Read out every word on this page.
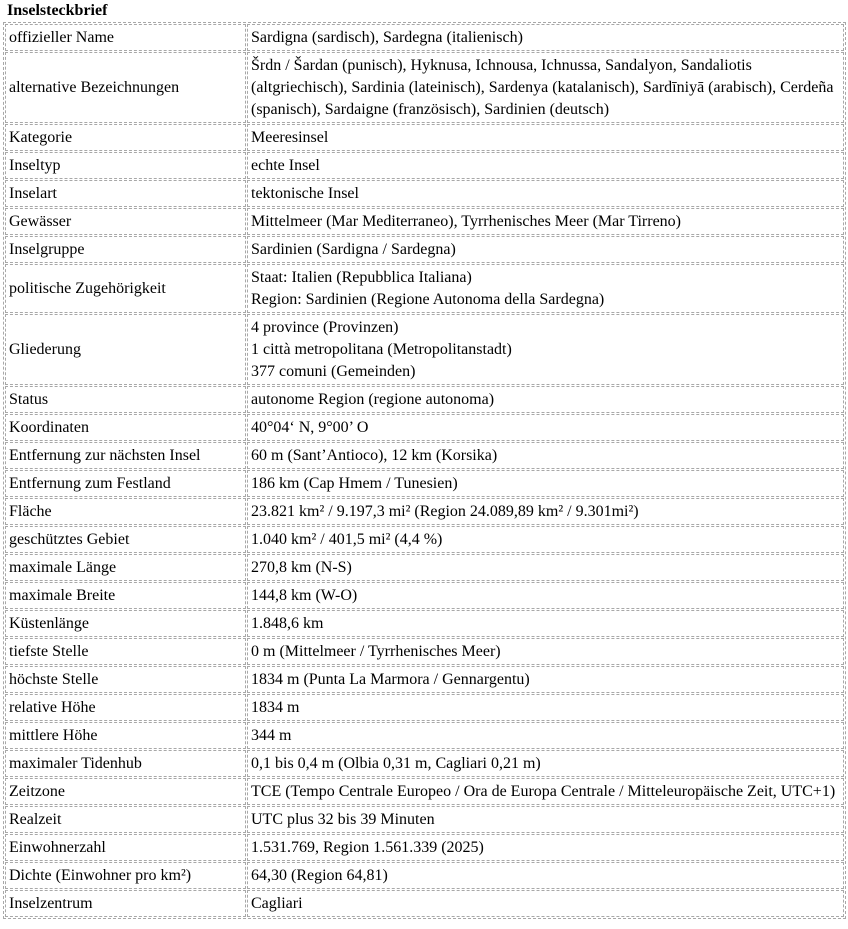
Inselsteckbrief
offizieller Name	Sardigna (sardisch), Sardegna (italienisch)

alternative Bezeichnungen	Šrdn / Šardan (punisch), Hyknusa, Ichnousa, Ichnussa, Sandalyon, Sandaliotis (altgriechisch), Sardinia (lateinisch), Sardenya (katalanisch), Sardīniyā (arabisch), Cerdeña (spanisch), Sardaigne (französisch), Sardinien (deutsch)

Kategorie	Meeresinsel

Inseltyp	echte Insel

Inselart	tektonische Insel

Gewässer	Mittelmeer (Mar Mediterraneo), Tyrrhenisches Meer (Mar Tirreno)

Inselgruppe	Sardinien (Sardigna / Sardegna)

politische Zugehörigkeit	Staat: Italien (Repubblica Italiana)
Region: Sardinien (Regione Autonoma della Sardegna)

Gliederung	4 province (Provinzen)
1 città metropolitana (Metropolitanstadt)
377 comuni (Gemeinden)

Status	autonome Region (regione autonoma)

Koordinaten	40°04‘ N, 9°00’ O

Entfernung zur nächsten Insel	60 m (Sant’Antioco), 12 km (Korsika)

Entfernung zum Festland	186 km (Cap Hmem / Tunesien)

Fläche	23.821 km² / 9.197,3 mi² (Region 24.089,89 km² / 9.301mi²)

geschütztes Gebiet	1.040 km² / 401,5 mi² (4,4 %)

maximale Länge	270,8 km (N-S)

maximale Breite	144,8 km (W-O)

Küstenlänge	1.848,6 km

tiefste Stelle	0 m (Mittelmeer / Tyrrhenisches Meer)

höchste Stelle	1834 m (Punta La Marmora / Gennargentu)

relative Höhe	1834 m

mittlere Höhe	344 m

maximaler Tidenhub	0,1 bis 0,4 m (Olbia 0,31 m, Cagliari 0,21 m)

Zeitzone	TCE (Tempo Centrale Europeo / Ora de Europa Centrale / Mitteleuropäische Zeit, UTC+1)

Realzeit	UTC plus 32 bis 39 Minuten

Einwohnerzahl	1.531.769, Region 1.561.339 (2025)

Dichte (Einwohner pro km²)	64,30 (Region 64,81)

Inselzentrum	Cagliari
